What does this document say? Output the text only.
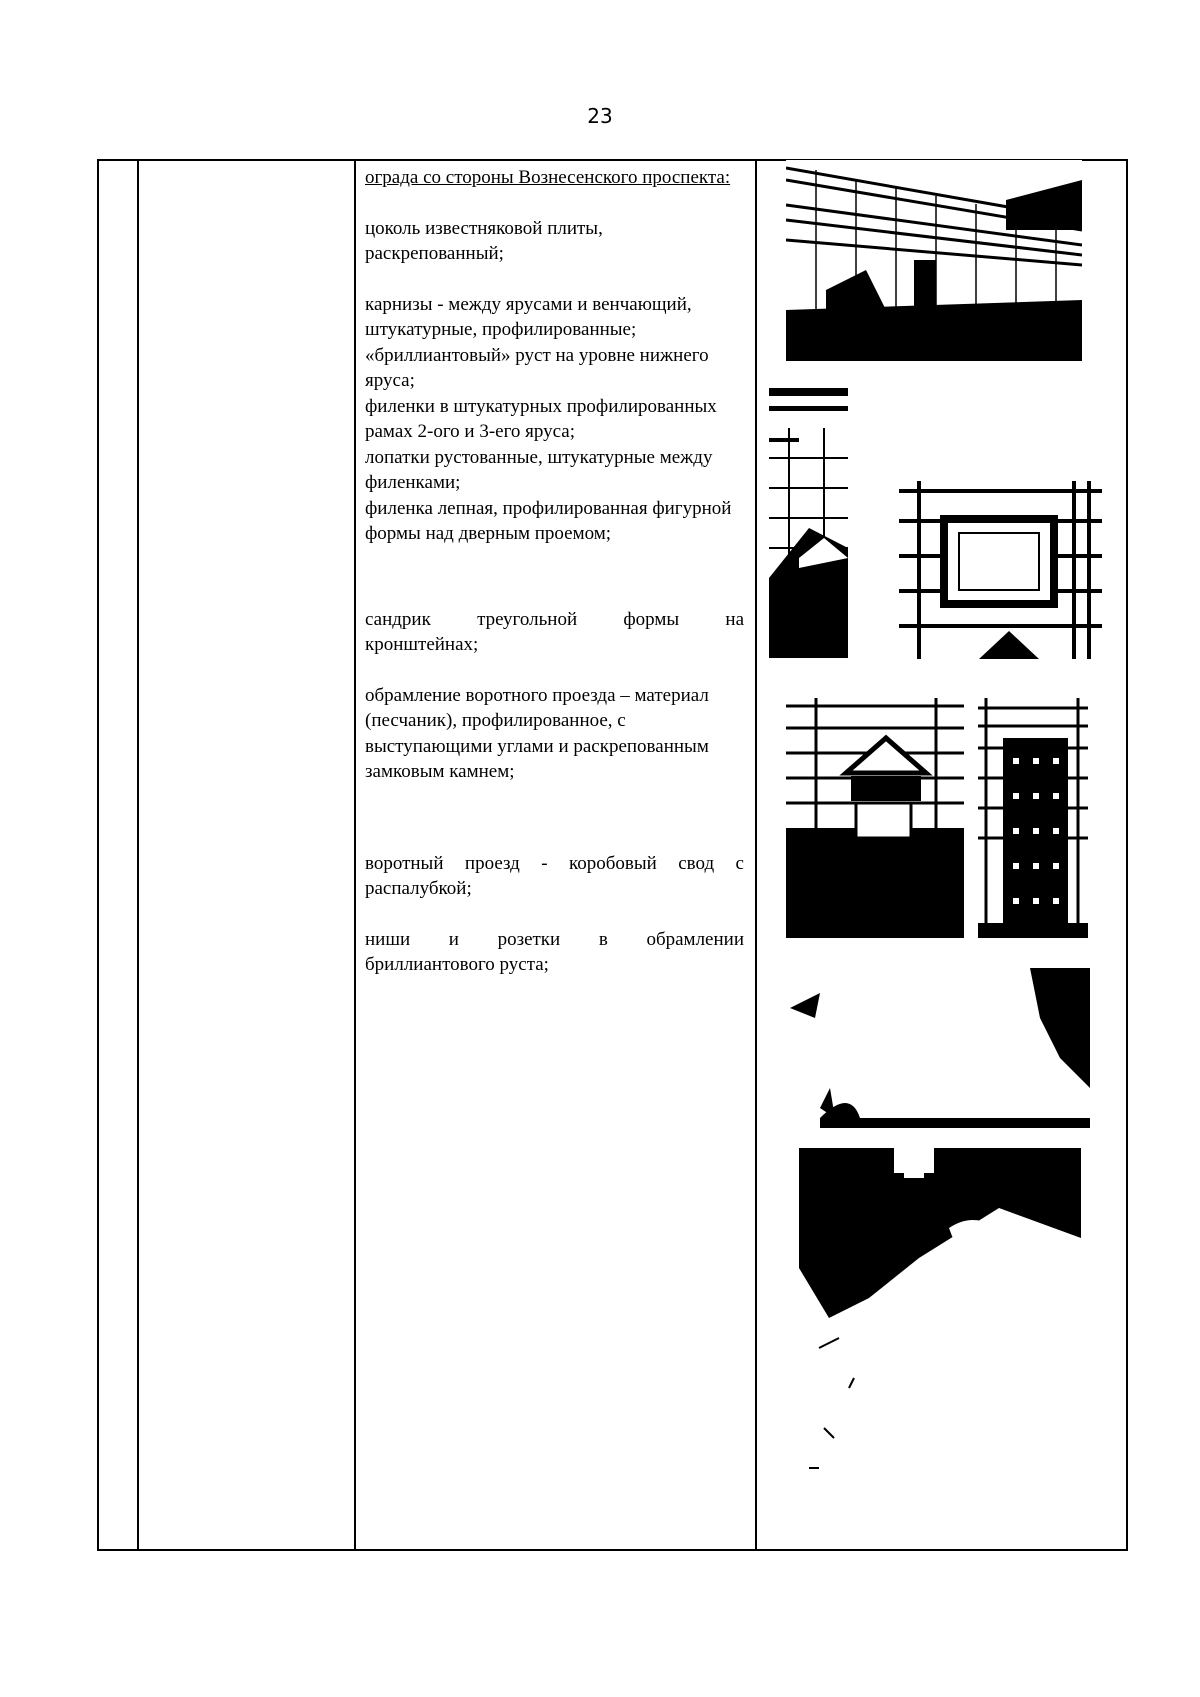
23

ограда со стороны Вознесенского проспекта:

цоколь известняковой плиты, раскрепованный;

карнизы - между ярусами и венчающий, штукатурные, профилированные;

«бриллиантовый» руст на уровне нижнего яруса;

филенки в штукатурных профилированных рамах 2-ого и 3-его яруса;

лопатки рустованные, штукатурные между филенками;

филенка лепная, профилированная фигурной формы над дверным проемом;

сандрик треугольной формы на

кронштейнах;

обрамление воротного проезда – материал (песчаник), профилированное, с выступающими углами и раскрепованным замковым камнем;

воротный проезд - коробовый свод с

распалубкой;

ниши и розетки в обрамлении

бриллиантового руста;
